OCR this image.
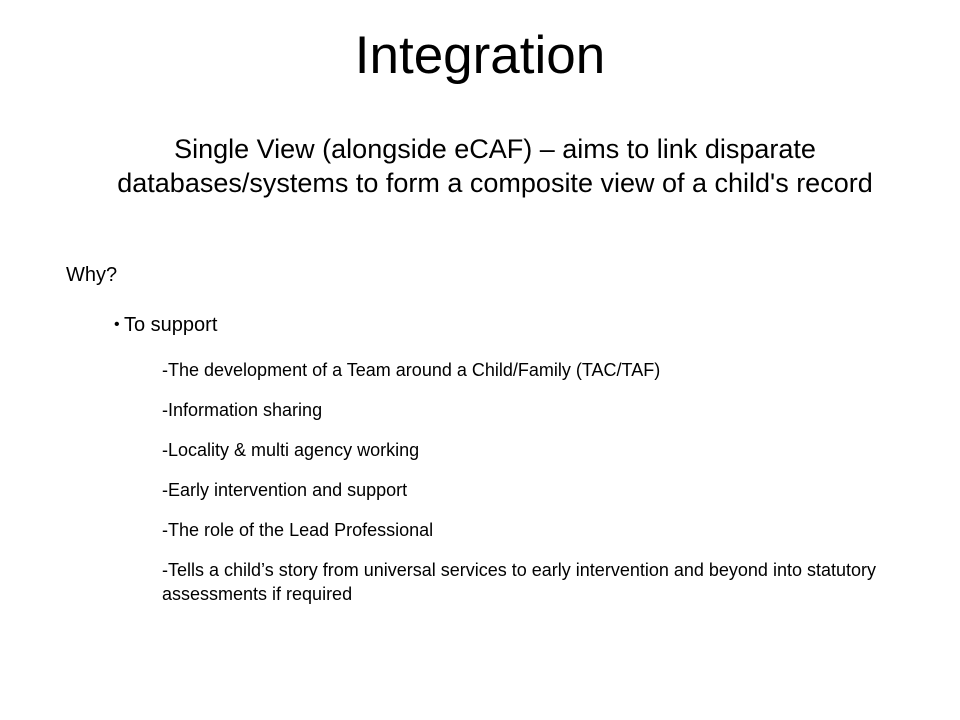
Integration

Single View (alongside eCAF) – aims to link disparate databases/systems to form a composite view of a child's record

Why?

• To support

-The development of a Team around a Child/Family (TAC/TAF)
-Information sharing
-Locality & multi agency working
-Early intervention and support
-The role of the Lead Professional
-Tells a child’s story from universal services to early intervention and beyond into statutory assessments if required
